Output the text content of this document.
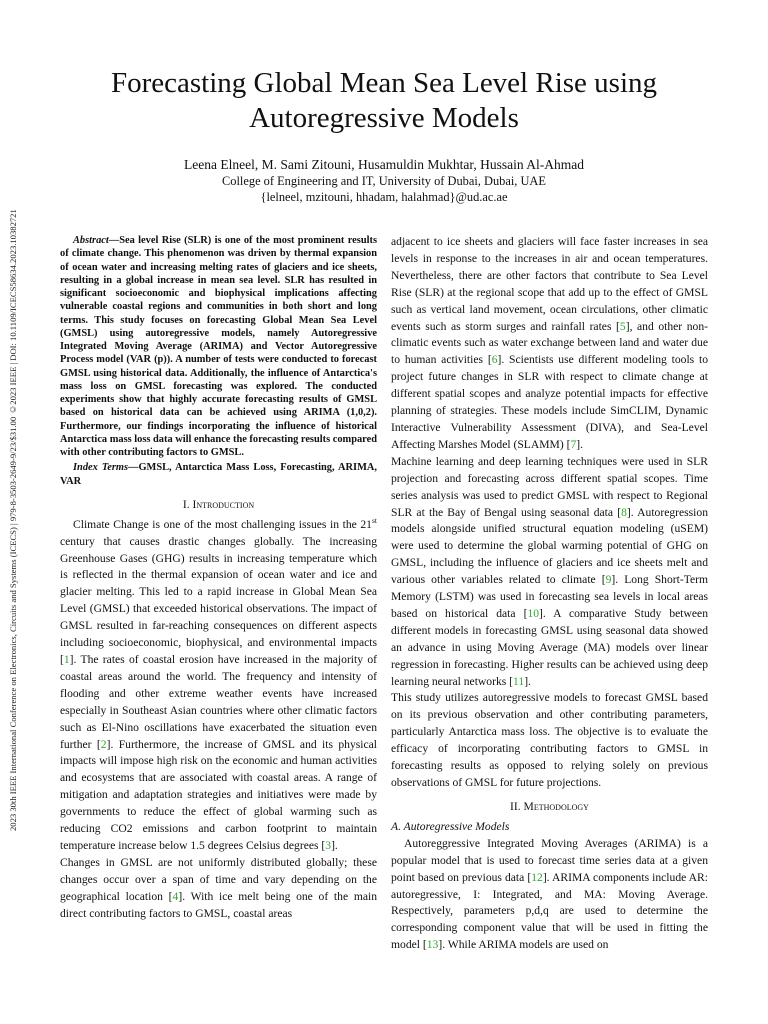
2023 30th IEEE International Conference on Electronics, Circuits and Systems (ICECS) | 979-8-3503-2649-9/23/$31.00 ©2023 IEEE | DOI: 10.1109/ICECS58634.2023.10382721
Forecasting Global Mean Sea Level Rise using Autoregressive Models
Leena Elneel, M. Sami Zitouni, Husamuldin Mukhtar, Hussain Al-Ahmad
College of Engineering and IT, University of Dubai, Dubai, UAE
{lelneel, mzitouni, hhadam, halahmad}@ud.ac.ae

Abstract—Sea level Rise (SLR) is one of the most prominent results of climate change. This phenomenon was driven by thermal expansion of ocean water and increasing melting rates of glaciers and ice sheets, resulting in a global increase in mean sea level. SLR has resulted in significant socioeconomic and biophysical implications affecting vulnerable coastal regions and communities in both short and long terms. This study focuses on forecasting Global Mean Sea Level (GMSL) using autoregressive models, namely Autoregressive Integrated Moving Average (ARIMA) and Vector Autoregressive Process model (VAR (p)). A number of tests were conducted to forecast GMSL using historical data. Additionally, the influence of Antarctica's mass loss on GMSL forecasting was explored. The conducted experiments show that highly accurate forecasting results of GMSL based on historical data can be achieved using ARIMA (1,0,2). Furthermore, our findings incorporating the influence of historical Antarctica mass loss data will enhance the forecasting results compared with other contributing factors to GMSL.

Index Terms—GMSL, Antarctica Mass Loss, Forecasting, ARIMA, VAR

I. Introduction

Climate Change is one of the most challenging issues in the 21st century that causes drastic changes globally. The increasing Greenhouse Gases (GHG) results in increasing temperature which is reflected in the thermal expansion of ocean water and ice and glacier melting. This led to a rapid increase in Global Mean Sea Level (GMSL) that exceeded historical observations. The impact of GMSL resulted in far-reaching consequences on different aspects including socioeconomic, biophysical, and environmental impacts [1]. The rates of coastal erosion have increased in the majority of coastal areas around the world. The frequency and intensity of flooding and other extreme weather events have increased especially in Southeast Asian countries where other climatic factors such as El-Nino oscillations have exacerbated the situation even further [2]. Furthermore, the increase of GMSL and its physical impacts will impose high risk on the economic and human activities and ecosystems that are associated with coastal areas. A range of mitigation and adaptation strategies and initiatives were made by governments to reduce the effect of global warming such as reducing CO2 emissions and carbon footprint to maintain temperature increase below 1.5 degrees Celsius degrees [3].

Changes in GMSL are not uniformly distributed globally; these changes occur over a span of time and vary depending on the geographical location [4]. With ice melt being one of the main direct contributing factors to GMSL, coastal areas

adjacent to ice sheets and glaciers will face faster increases in sea levels in response to the increases in air and ocean temperatures. Nevertheless, there are other factors that contribute to Sea Level Rise (SLR) at the regional scope that add up to the effect of GMSL such as vertical land movement, ocean circulations, other climatic events such as storm surges and rainfall rates [5], and other non-climatic events such as water exchange between land and water due to human activities [6]. Scientists use different modeling tools to project future changes in SLR with respect to climate change at different spatial scopes and analyze potential impacts for effective planning of strategies. These models include SimCLIM, Dynamic Interactive Vulnerability Assessment (DIVA), and Sea-Level Affecting Marshes Model (SLAMM) [7].

Machine learning and deep learning techniques were used in SLR projection and forecasting across different spatial scopes. Time series analysis was used to predict GMSL with respect to Regional SLR at the Bay of Bengal using seasonal data [8]. Autoregression models alongside unified structural equation modeling (uSEM) were used to determine the global warming potential of GHG on GMSL, including the influence of glaciers and ice sheets melt and various other variables related to climate [9]. Long Short-Term Memory (LSTM) was used in forecasting sea levels in local areas based on historical data [10]. A comparative Study between different models in forecasting GMSL using seasonal data showed an advance in using Moving Average (MA) models over linear regression in forecasting. Higher results can be achieved using deep learning neural networks [11].

This study utilizes autoregressive models to forecast GMSL based on its previous observation and other contributing parameters, particularly Antarctica mass loss. The objective is to evaluate the efficacy of incorporating contributing factors to GMSL in forecasting results as opposed to relying solely on previous observations of GMSL for future projections.

II. Methodology
A. Autoregressive Models

Autoreggressive Integrated Moving Averages (ARIMA) is a popular model that is used to forecast time series data at a given point based on previous data [12]. ARIMA components include AR: autoregressive, I: Integrated, and MA: Moving Average. Respectively, parameters p,d,q are used to determine the corresponding component value that will be used in fitting the model [13]. While ARIMA models are used on
